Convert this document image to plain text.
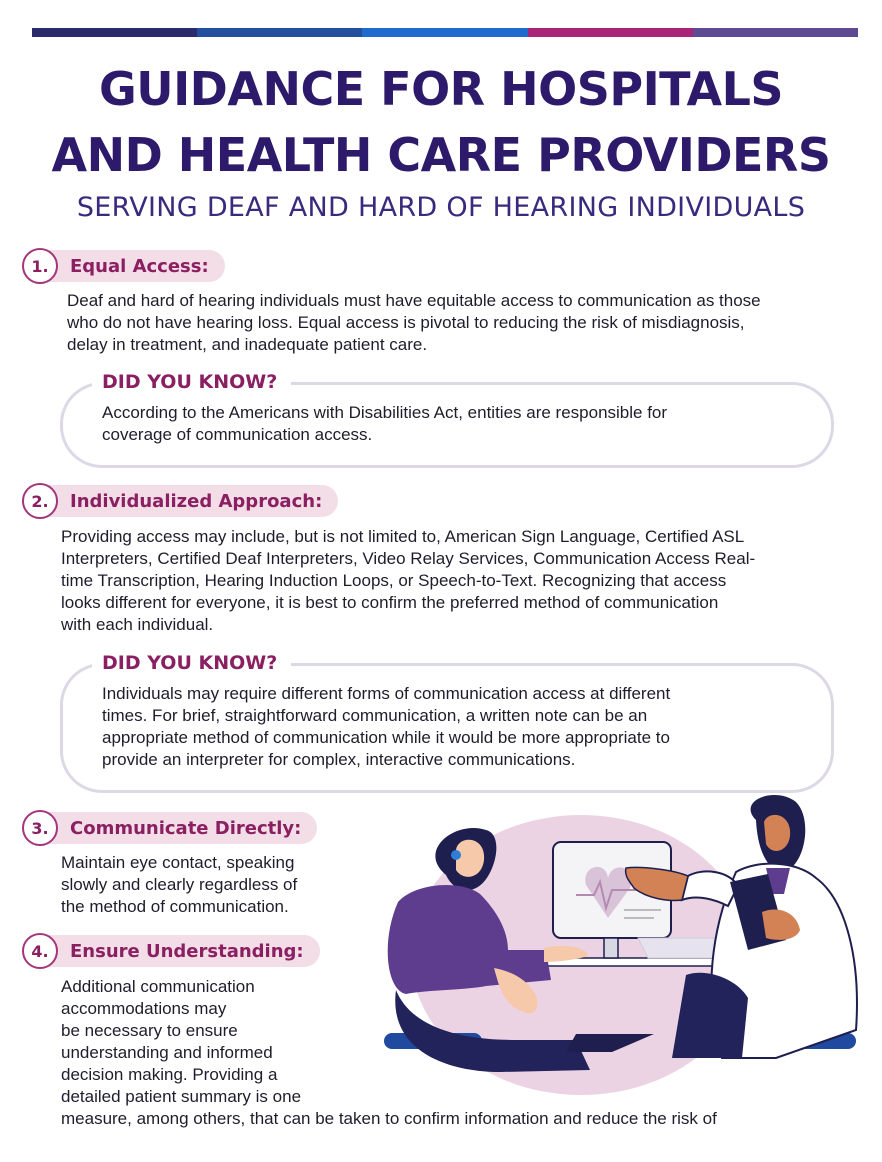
GUIDANCE FOR HOSPITALS
AND HEALTH CARE PROVIDERS
SERVING DEAF AND HARD OF HEARING INDIVIDUALS
Equal Access:
1.
Deaf and hard of hearing individuals must have equitable access to communication as those
who do not have hearing loss. Equal access is pivotal to reducing the risk of misdiagnosis,
delay in treatment, and inadequate patient care.
DID YOU KNOW?
According to the Americans with Disabilities Act, entities are responsible for
coverage of communication access.
Individualized Approach:
2.
Providing access may include, but is not limited to, American Sign Language, Certified ASL
Interpreters, Certified Deaf Interpreters, Video Relay Services, Communication Access Real-
time Transcription, Hearing Induction Loops, or Speech-to-Text. Recognizing that access
looks different for everyone, it is best to confirm the preferred method of communication
with each individual.
DID YOU KNOW?
Individuals may require different forms of communication access at different
times. For brief, straightforward communication, a written note can be an
appropriate method of communication while it would be more appropriate to
provide an interpreter for complex, interactive communications.
Communicate Directly:
3.
Maintain eye contact, speaking
slowly and clearly regardless of
the method of communication.
Ensure Understanding:
4.
Additional communication
accommodations may
be necessary to ensure
understanding and informed
decision making. Providing a
detailed patient summary is one
measure, among others, that can be taken to confirm information and reduce the risk of
